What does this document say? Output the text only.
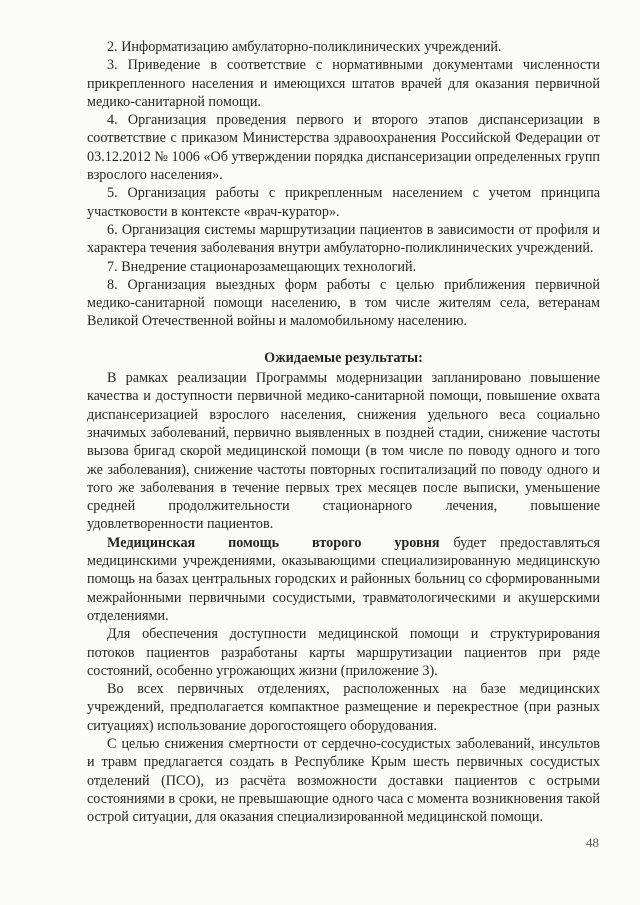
2. Информатизацию амбулаторно-поликлинических учреждений.

3. Приведение в соответствие с нормативными документами численности прикрепленного населения и имеющихся штатов врачей для оказания первичной медико-санитарной помощи.

4. Организация проведения первого и второго этапов диспансеризации в соответствие с приказом Министерства здравоохранения Российской Федерации от 03.12.2012 № 1006 «Об утверждении порядка диспансеризации определенных групп взрослого населения».

5. Организация работы с прикрепленным населением с учетом принципа участковости в контексте «врач-куратор».

6. Организация системы маршрутизации пациентов в зависимости от профиля и характера течения заболевания внутри амбулаторно-поликлинических учреждений.

7. Внедрение стационарозамещающих технологий.

8. Организация выездных форм работы с целью приближения первичной медико-санитарной помощи населению, в том числе жителям села, ветеранам Великой Отечественной войны и маломобильному населению.

Ожидаемые результаты:

В рамках реализации Программы модернизации запланировано повышение качества и доступности первичной медико-санитарной помощи, повышение охвата диспансеризацией взрослого населения, снижения удельного веса социально значимых заболеваний, первично выявленных в поздней стадии, снижение частоты вызова бригад скорой медицинской помощи (в том числе по поводу одного и того же заболевания), снижение частоты повторных госпитализаций по поводу одного и того же заболевания в течение первых трех месяцев после выписки, уменьшение средней продолжительности стационарного лечения, повышение удовлетворенности пациентов.

Медицинская помощь второго уровня будет предоставляться медицинскими учреждениями, оказывающими специализированную медицинскую помощь на базах центральных городских и районных больниц со сформированными межрайонными первичными сосудистыми, травматологическими и акушерскими отделениями.

Для обеспечения доступности медицинской помощи и структурирования потоков пациентов разработаны карты маршрутизации пациентов при ряде состояний, особенно угрожающих жизни (приложение 3).

Во всех первичных отделениях, расположенных на базе медицинских учреждений, предполагается компактное размещение и перекрестное (при разных ситуациях) использование дорогостоящего оборудования.

С целью снижения смертности от сердечно-сосудистых заболеваний, инсультов и травм предлагается создать в Республике Крым шесть первичных сосудистых отделений (ПСО), из расчёта возможности доставки пациентов с острыми состояниями в сроки, не превышающие одного часа с момента возникновения такой острой ситуации, для оказания специализированной медицинской помощи.

48
